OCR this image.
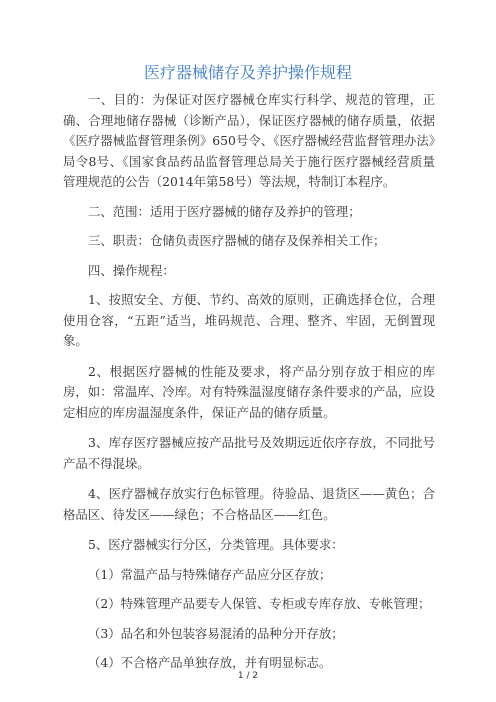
医疗器械储存及养护操作规程

一、目的：为保证对医疗器械仓库实行科学、规范的管理，正确、合理地储存器械（诊断产品），保证医疗器械的储存质量，依据《医疗器械监督管理条例》650号令、《医疗器械经营监督管理办法》局令8号、《国家食品药品监督管理总局关于施行医疗器械经营质量管理规范的公告（2014年第58号）等法规，特制订本程序。

二、范围：适用于医疗器械的储存及养护的管理；

三、职责：仓储负责医疗器械的储存及保养相关工作；

四、操作规程：

1、按照安全、方便、节约、高效的原则，正确选择仓位，合理使用仓容，“五距”适当，堆码规范、合理、整齐、牢固，无倒置现象。

2、根据医疗器械的性能及要求，将产品分别存放于相应的库房，如：常温库、冷库。对有特殊温湿度储存条件要求的产品，应设定相应的库房温湿度条件，保证产品的储存质量。

3、库存医疗器械应按产品批号及效期远近依序存放，不同批号产品不得混垛。

4、医疗器械存放实行色标管理。待验品、退货区——黄色；合格品区、待发区——绿色；不合格品区——红色。

5、医疗器械实行分区，分类管理。具体要求：

（1）常温产品与特殊储存产品应分区存放；

（2）特殊管理产品要专人保管、专柜或专库存放、专帐管理；

（3）品名和外包装容易混淆的品种分开存放；

（4）不合格产品单独存放，并有明显标志。

1 / 2
